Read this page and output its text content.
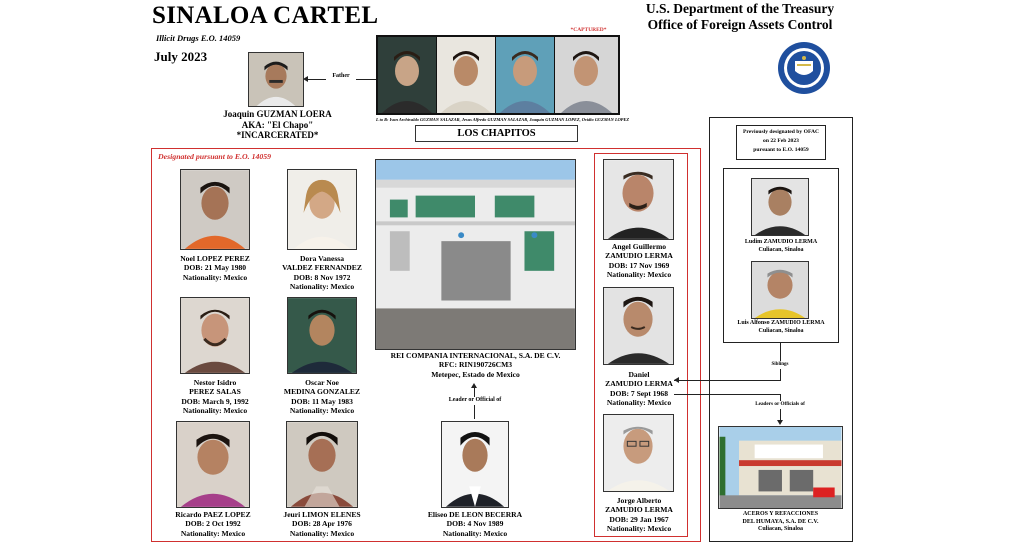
SINALOA CARTEL
Illicit Drugs E.O. 14059
July 2023
U.S. Department of the Treasury
Office of Foreign Assets Control
Father
Joaquin GUZMAN LOERA
AKA: "El Chapo"
*INCARCERATED*
*CAPTURED*
L to R: Ivan Archivaldo GUZMAN SALAZAR, Jesus Alfredo GUZMAN SALAZAR, Joaquin GUZMAN LOPEZ, Ovidio GUZMAN LOPEZ
LOS CHAPITOS
Designated pursuant to E.O. 14059
Noel LOPEZ PEREZ
DOB: 21 May 1980
Nationality: Mexico
Dora Vanessa
VALDEZ FERNANDEZ
DOB: 8 Nov 1972
Nationality: Mexico
Nestor Isidro
PEREZ SALAS
DOB: March 9, 1992
Nationality: Mexico
Oscar Noe
MEDINA GONZALEZ
DOB: 11 May 1983
Nationality: Mexico
Ricardo PAEZ LOPEZ
DOB: 2 Oct 1992
Nationality: Mexico
Jeuri LIMON ELENES
DOB: 28 Apr 1976
Nationality: Mexico
REI COMPANIA INTERNACIONAL, S.A. DE C.V.
RFC: RIN190726CM3
Metepec, Estado de Mexico
Leader or Official of
Eliseo DE LEON BECERRA
DOB: 4 Nov 1989
Nationality: Mexico
Angel Guillermo
ZAMUDIO LERMA
DOB: 17 Nov 1969
Nationality: Mexico
Daniel
ZAMUDIO LERMA
DOB: 7 Sept 1968
Nationality: Mexico
Jorge Alberto
ZAMUDIO LERMA
DOB: 29 Jan 1967
Nationality: Mexico
Previously designated by OFAC
on 22 Feb 2023
pursuant to E.O. 14059
Ludim ZAMUDIO LERMA
Culiacan, Sinaloa
Luis Alfonso ZAMUDIO LERMA
Culiacan, Sinaloa
Siblings
Leaders or Officials of
ACEROS Y REFACCIONES
DEL HUMAYA, S.A. DE C.V.
Culiacan, Sinaloa
